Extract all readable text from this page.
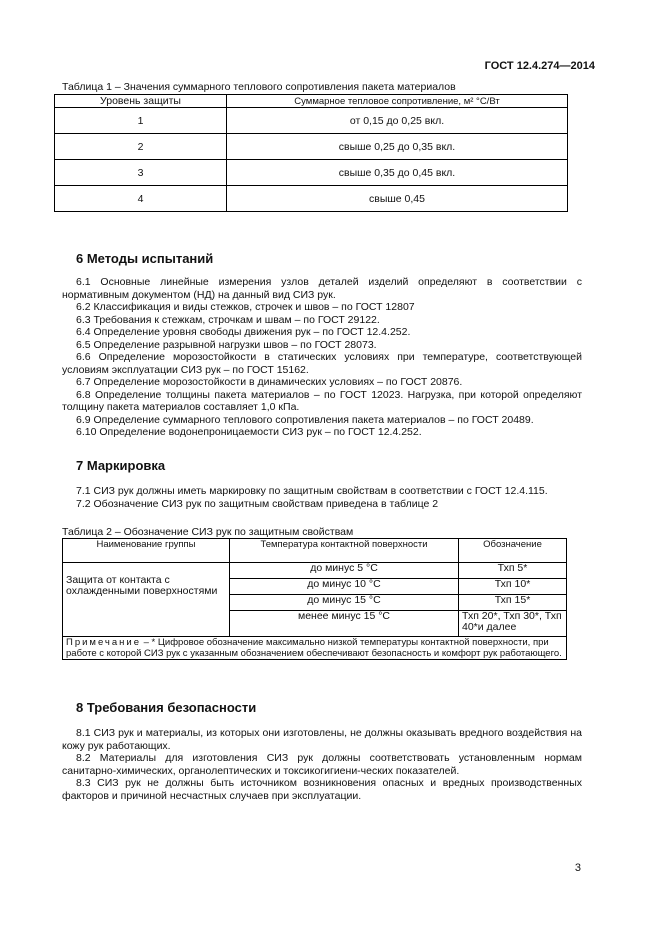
ГОСТ 12.4.274—2014
Таблица 1 – Значения суммарного теплового сопротивления пакета материалов
Уровень защиты	Суммарное тепловое сопротивление, м² °С/Вт
1	от 0,15 до 0,25 вкл.
2	свыше 0,25 до 0,35 вкл.
3	свыше 0,35 до 0,45 вкл.
4	свыше 0,45
6 Методы испытаний

6.1 Основные линейные измерения узлов деталей изделий определяют в соответствии с нормативным документом (НД) на данный вид СИЗ рук.

6.2 Классификация и виды стежков, строчек и швов – по ГОСТ 12807

6.3 Требования к стежкам, строчкам и швам – по ГОСТ 29122.

6.4 Определение уровня свободы движения рук – по ГОСТ 12.4.252.

6.5 Определение разрывной нагрузки швов – по ГОСТ 28073.

6.6 Определение морозостойкости в статических условиях при температуре, соответствующей условиям эксплуатации СИЗ рук – по ГОСТ 15162.

6.7 Определение морозостойкости в динамических условиях – по ГОСТ 20876.

6.8 Определение толщины пакета материалов – по ГОСТ 12023. Нагрузка, при которой определяют толщину пакета материалов составляет 1,0 кПа.

6.9 Определение суммарного теплового сопротивления пакета материалов – по ГОСТ 20489.

6.10 Определение водонепроницаемости СИЗ рук – по ГОСТ 12.4.252.

7 Маркировка

7.1 СИЗ рук должны иметь маркировку по защитным свойствам в соответствии с ГОСТ 12.4.115.

7.2 Обозначение СИЗ рук по защитным свойствам приведена в таблице 2

Таблица 2 – Обозначение СИЗ рук по защитным свойствам
Наименование группы	Температура контактной поверхности	Обозначение
Защита от контакта с охлажденными поверхностями	до минус 5 °С	Тхп 5*
	до минус 10 °С	Тхп 10*
	до минус 15 °С	Тхп 15*
	менее минус 15 °С	Тхп 20*, Тхп 30*, Тхп 40*и далее
Примечание – * Цифровое обозначение максимально низкой температуры контактной поверхности, при работе с которой СИЗ рук с указанным обозначением обеспечивают безопасность и комфорт рук работающего.		
8 Требования безопасности

8.1 СИЗ рук и материалы, из которых они изготовлены, не должны оказывать вредного воздействия на кожу рук работающих.

8.2 Материалы для изготовления СИЗ рук должны соответствовать установленным нормам санитарно-химических, органолептических и токсикогигиени-ческих показателей.

8.3 СИЗ рук не должны быть источником возникновения опасных и вредных производственных факторов и причиной несчастных случаев при эксплуатации.

3
